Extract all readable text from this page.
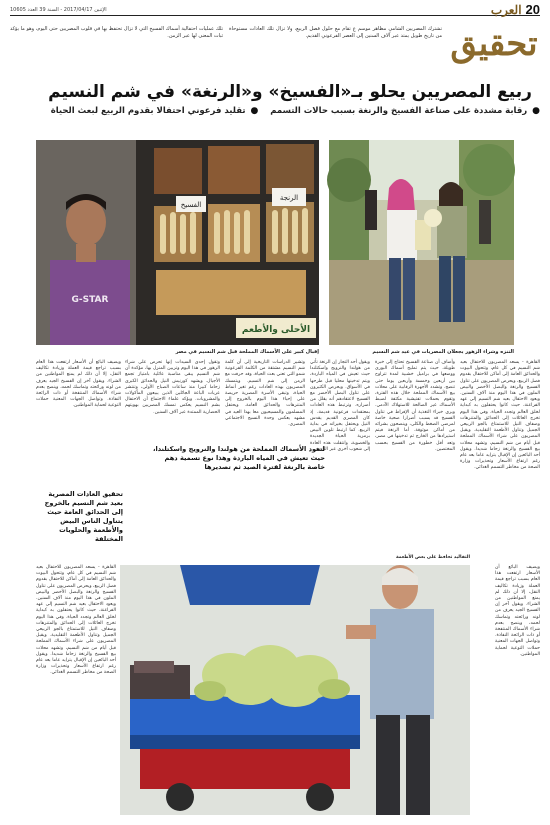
الإثنين 2017/04/17 - السنة 39 العدد 10605	العرب 20
تحقيق
تشترك المصريين الشامي مظاهر موسم ع تقام مع حلول فصل الربيع، ولا تزال تلك العادات مستوحاة من تاريخ طويل يمتد عبر آلاف السنين إلى العصر الفرعوني القديم.
تلك عمليات احتفالية أسماك الفسيخ التي لا تزال تحتفظ بها في قلوب المصريين حتى اليوم، وهو ما يؤكد ثبات المعنى لها عبر الزمن.
ربيع المصريين يحلو بـ«الفسيخ» و«الرنغة» في شم النسيم
● رقابة مشددة على صناعة الفسيخ والرنغة بسبب حالات التسمم    ● تقليد فرعوني احتفالا بقدوم الربيع لبعث الحياة
التنزه وشراء الزهور يجعلان المصريات في عيد شم النسيم
الفسيخ
الرنجة
الأحلى والأطعم
G-STAR
إقبال كبير على الأسماك المملحة قبل شم النسيم في مصر
القاهرة - يسعد المصريون للاحتفال بعيد شم النسيم في كل عام، وتتحول البيوت والحدائق العامة إلى أماكن للاحتفال بقدوم فصل الربيع، ويحرص المصريون على تناول الفسيخ والرنغة والبصل الأخضر والبيض الملون في هذا اليوم منذ آلاف السنين. ويعود الاحتفال بعيد شم النسيم إلى عهد الفراعنة، حيث كانوا يحتفلون به كبداية لخلق العالم وتجدد الحياة. وفي هذا اليوم تخرج العائلات إلى الحدائق والمتنزهات وضفاف النيل للاستمتاع بالجو الربيعي الجميل وتناول الأطعمة التقليدية. ويقبل المصريون على شراء الأسماك المملحة قبل أيام من شم النسيم، وتشهد محلات بيع الفسيخ والرنغة زحاما شديدا. ويقول أحد البائعين إن الإقبال يتزايد عاما بعد عام رغم ارتفاع الأسعار وتحذيرات وزارة الصحة من مخاطر التسمم الغذائي.
وأضاف أن صناعة الفسيخ تحتاج إلى خبرة طويلة، حيث يتم تمليح أسماك البوري ووضعها في براميل خشبية لمدة تتراوح بين أربعين وخمسة وأربعين يوما حتى تنضج. وتشدد الأجهزة الرقابية على محلات بيع الأسماك المملحة خلال هذه الفترة، وتقوم بحملات تفتيشية مكثفة لضبط الأسماك غير الصالحة للاستهلاك الآدمي. ويرى خبراء التغذية أن الإفراط في تناول الفسيخ قد يسبب أضرارا صحية خاصة لمرضى الضغط والكلى، وينصحون بشرائه من أماكن موثوقة. أما الرنغة فيتم استيرادها من الخارج ثم تدخينها في مصر، وتعد أقل خطورة من الفسيخ بحسب المختصين.
لتعود الأسماك المملحة من هولندا والنرويج واسكتلندا، حيث تعيش في المياه الباردة وهذا نوع تسمية دهم خاصة بالرنغة لفترة الصيد ثم تصديرها
ويقول أحد التجار إن الرنغة تأتي من هولندا والنرويج واسكتلندا حيث تعيش في المياه الباردة، ويتم تدخينها محليا قبل طرحها في الأسواق. ويحرص الكثيرون على تناول البصل الأخضر مع الفسيخ لاعتقادهم أنه يقلل من أضراره. وترتبط هذه العادات بمعتقدات فرعونية قديمة، إذ كان المصري القديم يقدس النيل ويحتفل بخيراته في بداية الربيع. كما ارتبط تلوين البيض برمزية الحياة الجديدة والخصوبة، وانتقلت هذه العادة إلى شعوب أخرى عبر التاريخ.
وتشير الدراسات التاريخية إلى أن كلمة شم النسيم مشتقة من الكلمة الفرعونية شمو التي تعني بعث الحياة، وقد حرفت مع الزمن إلى شم النسيم. ويتمسك المصريون بهذه العادات رغم تغير أنماط الحياة، وتبقى الأسرة المصرية حريصة على إحياء هذا اليوم بالخروج إلى المتنزهات والحدائق العامة. ويحتفل المسلمون والمسيحيون معا بهذا العيد في مشهد يعكس وحدة النسيج الاجتماعي المصري.
وتقول إحدى السيدات إنها تحرص على شراء الزهور في هذا اليوم وتزيين المنزل بها، مؤكدة أن شم النسيم يبقى مناسبة عائلية بامتياز تجمع الأجيال. ويشهد كورنيش النيل والحدائق الكبرى زحاما كبيرا منذ ساعات الصباح الأولى، وتنتشر عربات الباعة الجائلين الذين يبيعون المأكولات والمشروبات. ويؤكد علماء الاجتماع أن الاحتفال بشم النسيم يعكس تمسك المصريين بهويتهم الحضارية الممتدة عبر آلاف السنين.
تحقيق العادات المصرية بعيد شم النسيم بالخروج إلى الحدائق العامة حيث يتناول الناس البيض والأطعمة والحلويات المختلفة
ويضيف البائع أن الأسعار ارتفعت هذا العام بسبب تراجع قيمة العملة وزيادة تكاليف النقل، إلا أن ذلك لم يمنع المواطنين من الشراء. ويقول آخر إن الفسيخ الجيد يعرف من لونه ورائحته وتماسك لحمه، وينصح بعدم شراء الأسماك المنتفخة أو ذات الرائحة النفاذة. وتواصل الجهات المعنية حملات التوعية لحماية المواطنين.
القاهرة - يسعد المصريون للاحتفال بعيد شم النسيم في كل عام، وتتحول البيوت والحدائق العامة إلى أماكن للاحتفال بقدوم فصل الربيع، ويحرص المصريون على تناول الفسيخ والرنغة والبصل الأخضر والبيض الملون في هذا اليوم منذ آلاف السنين. ويعود الاحتفال بعيد شم النسيم إلى عهد الفراعنة، حيث كانوا يحتفلون به كبداية لخلق العالم وتجدد الحياة. وفي هذا اليوم تخرج العائلات إلى الحدائق والمتنزهات وضفاف النيل للاستمتاع بالجو الربيعي الجميل وتناول الأطعمة التقليدية. ويقبل المصريون على شراء الأسماك المملحة قبل أيام من شم النسيم، وتشهد محلات بيع الفسيخ والرنغة زحاما شديدا. ويقول أحد البائعين إن الإقبال يتزايد عاما بعد عام رغم ارتفاع الأسعار وتحذيرات وزارة الصحة من مخاطر التسمم الغذائي.
ويضيف البائع أن الأسعار ارتفعت هذا العام بسبب تراجع قيمة العملة وزيادة تكاليف النقل، إلا أن ذلك لم يمنع المواطنين من الشراء. ويقول آخر إن الفسيخ الجيد يعرف من لونه ورائحته وتماسك لحمه، وينصح بعدم شراء الأسماك المنتفخة أو ذات الرائحة النفاذة. وتواصل الجهات المعنية حملات التوعية لحماية المواطنين.
التقاليد تحافظ على بعض الأطعمة
